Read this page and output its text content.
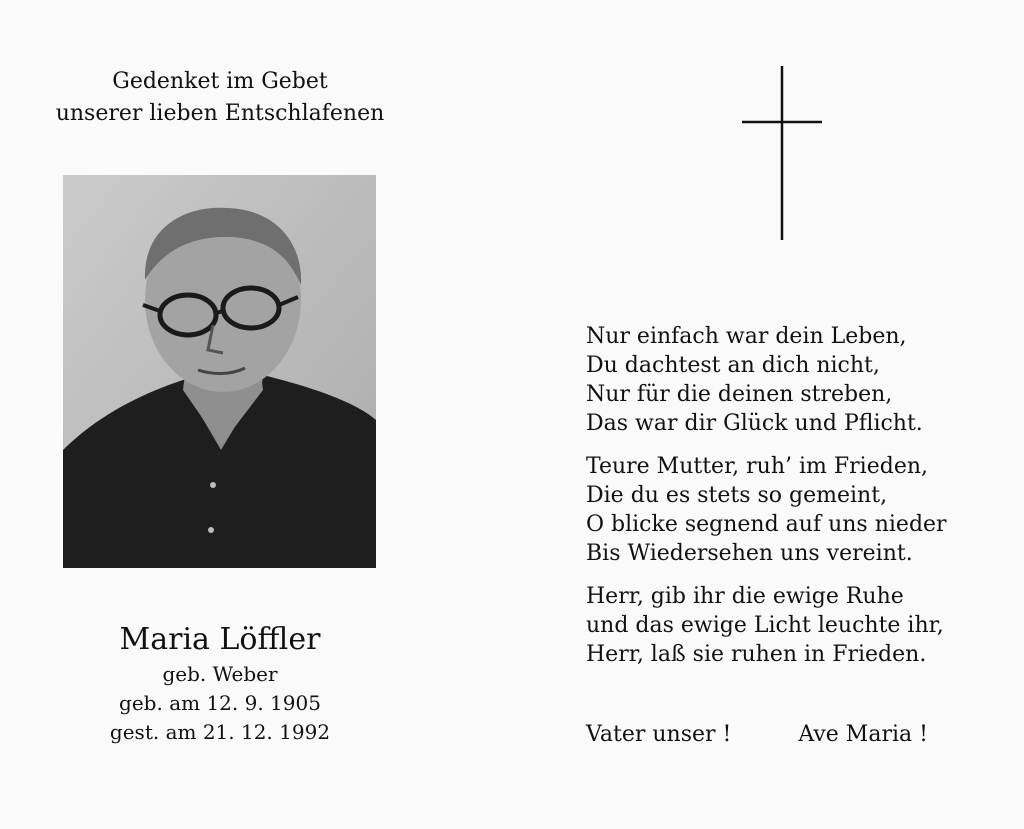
Gedenket im Gebet
unserer lieben Entschlafenen
Maria Löffler
geb. Weber
geb. am 12. 9. 1905
gest. am 21. 12. 1992
Nur einfach war dein Leben,
Du dachtest an dich nicht,
Nur für die deinen streben,
Das war dir Glück und Pflicht.
Teure Mutter, ruh’ im Frieden,
Die du es stets so gemeint,
O blicke segnend auf uns nieder
Bis Wiedersehen uns vereint.
Herr, gib ihr die ewige Ruhe
und das ewige Licht leuchte ihr,
Herr, laß sie ruhen in Frieden.
Vater unser !	Ave Maria !
